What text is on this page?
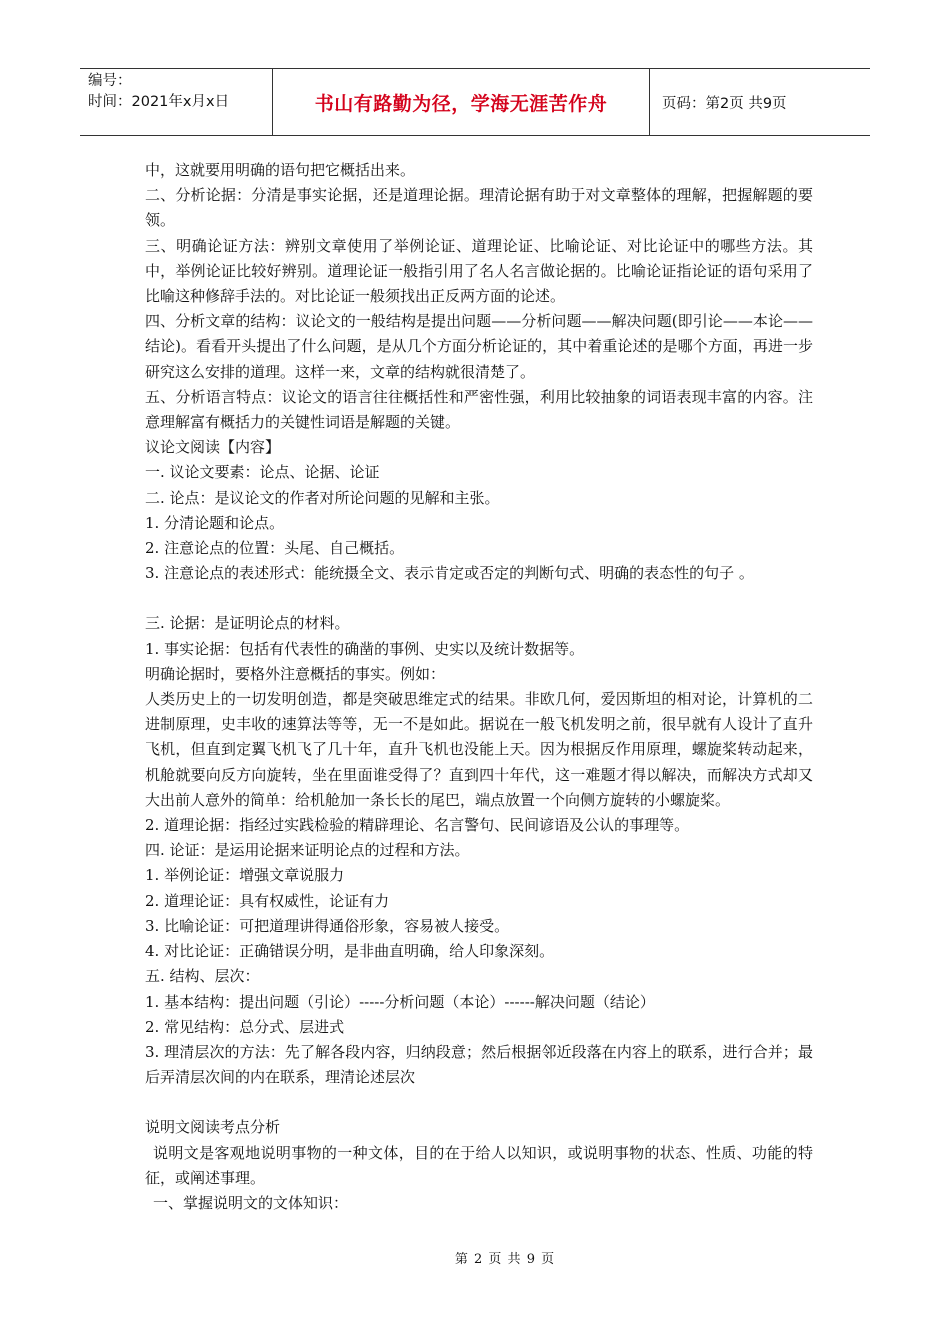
编号：
时间：2021年x月x日	书山有路勤为径，学海无涯苦作舟	页码：第2页 共9页

中，这就要用明确的语句把它概括出来。

二、分析论据：分清是事实论据，还是道理论据。理清论据有助于对文章整体的理解，把握解题的要领。

三、明确论证方法：辨别文章使用了举例论证、道理论证、比喻论证、对比论证中的哪些方法。其中，举例论证比较好辨别。道理论证一般指引用了名人名言做论据的。比喻论证指论证的语句采用了比喻这种修辞手法的。对比论证一般须找出正反两方面的论述。

四、分析文章的结构：议论文的一般结构是提出问题——分析问题——解决问题(即引论——本论——结论)。看看开头提出了什么问题，是从几个方面分析论证的，其中着重论述的是哪个方面，再进一步研究这么安排的道理。这样一来，文章的结构就很清楚了。

五、分析语言特点：议论文的语言往往概括性和严密性强，利用比较抽象的词语表现丰富的内容。注意理解富有概括力的关键性词语是解题的关键。

议论文阅读【内容】

一. 议论文要素：论点、论据、论证

二. 论点：是议论文的作者对所论问题的见解和主张。

1. 分清论题和论点。

2. 注意论点的位置：头尾、自己概括。

3. 注意论点的表述形式：能统摄全文、表示肯定或否定的判断句式、明确的表态性的句子 。

三. 论据：是证明论点的材料。

1. 事实论据：包括有代表性的确凿的事例、史实以及统计数据等。

明确论据时，要格外注意概括的事实。例如：

人类历史上的一切发明创造，都是突破思维定式的结果。非欧几何，爱因斯坦的相对论，计算机的二进制原理，史丰收的速算法等等，无一不是如此。据说在一般飞机发明之前，很早就有人设计了直升飞机，但直到定翼飞机飞了几十年，直升飞机也没能上天。因为根据反作用原理，螺旋桨转动起来，机舱就要向反方向旋转，坐在里面谁受得了？直到四十年代，这一难题才得以解决，而解决方式却又大出前人意外的简单：给机舱加一条长长的尾巴，端点放置一个向侧方旋转的小螺旋桨。

2. 道理论据：指经过实践检验的精辟理论、名言警句、民间谚语及公认的事理等。

四. 论证：是运用论据来证明论点的过程和方法。

1. 举例论证：增强文章说服力

2. 道理论证：具有权威性，论证有力

3. 比喻论证：可把道理讲得通俗形象，容易被人接受。

4. 对比论证：正确错误分明，是非曲直明确，给人印象深刻。

五. 结构、层次：

1. 基本结构：提出问题（引论）-----分析问题（本论）------解决问题（结论）

2. 常见结构：总分式、层进式

3. 理清层次的方法：先了解各段内容，归纳段意；然后根据邻近段落在内容上的联系，进行合并；最后弄清层次间的内在联系，理清论述层次

说明文阅读考点分析

说明文是客观地说明事物的一种文体，目的在于给人以知识，或说明事物的状态、性质、功能的特征，或阐述事理。

一、掌握说明文的文体知识：

第 2 页 共 9 页
